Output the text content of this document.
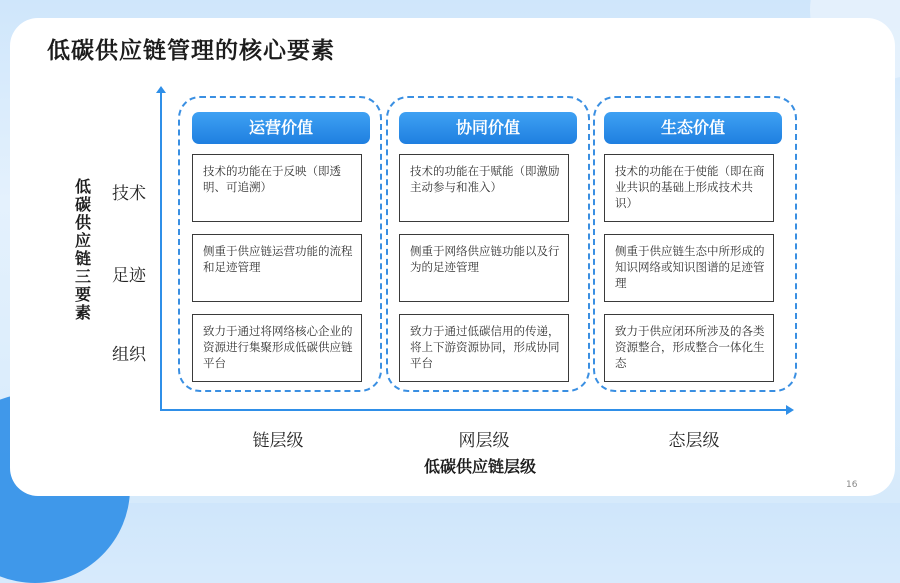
低碳供应链管理的核心要素
低碳供应链三要素
技术
足迹
组织
运营价值
技术的功能在于反映（即透明、可追溯）
侧重于供应链运营功能的流程和足迹管理
致力于通过将网络核心企业的资源进行集聚形成低碳供应链平台
协同价值
技术的功能在于赋能（即激励主动参与和准入）
侧重于网络供应链功能以及行为的足迹管理
致力于通过低碳信用的传递，将上下游资源协同，形成协同平台
生态价值
技术的功能在于使能（即在商业共识的基础上形成技术共识）
侧重于供应链生态中所形成的知识网络或知识图谱的足迹管理
致力于供应闭环所涉及的各类资源整合，形成整合一体化生态
链层级	网层级	态层级
低碳供应链层级
16
